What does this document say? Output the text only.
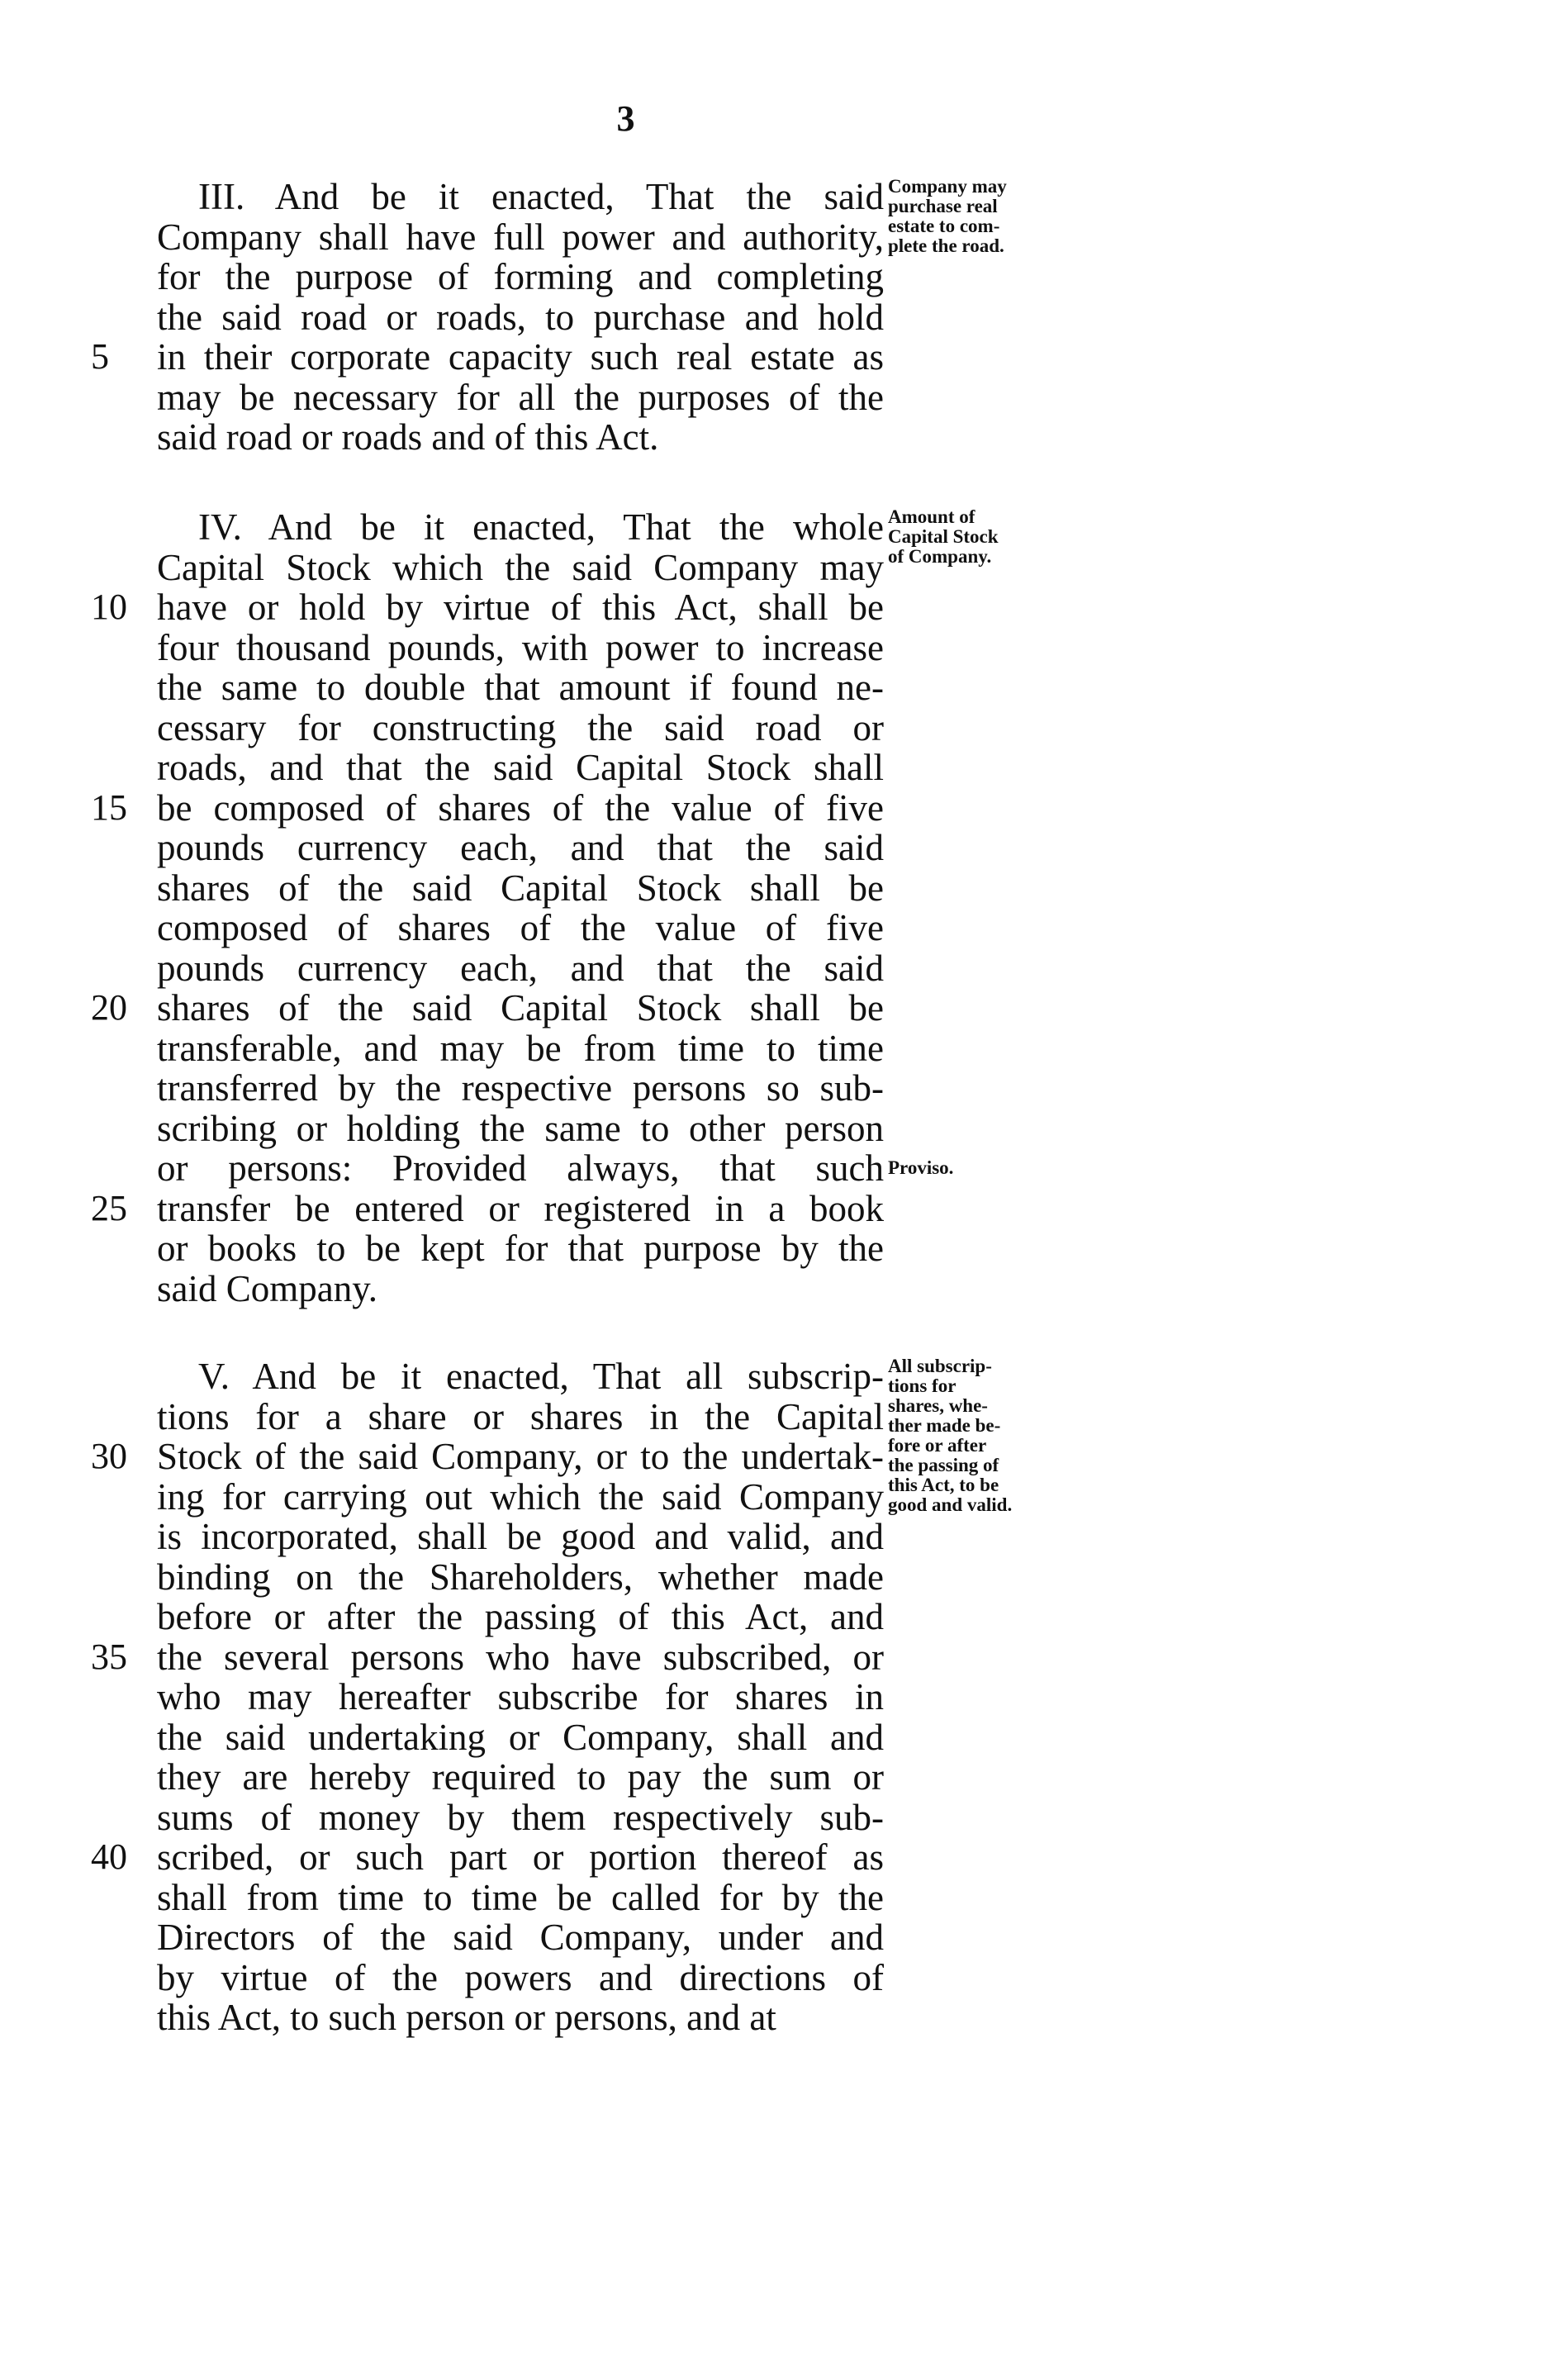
3
Company may
purchase real
estate to com-
plete the road.
III. And be it enacted, That the said
Company shall have full power and authority,
for the purpose of forming and completing
the said road or roads, to purchase and hold
in their corporate capacity such real estate as
5
may be necessary for all the purposes of the
said road or roads and of this Act.
Amount of
Capital Stock
of Company.
Proviso.
IV. And be it enacted, That the whole
Capital Stock which the said Company may
have or hold by virtue of this Act, shall be
10
four thousand pounds, with power to increase
the same to double that amount if found ne-
cessary for constructing the said road or
roads, and that the said Capital Stock shall
be composed of shares of the value of five
15
pounds currency each, and that the said
shares of the said Capital Stock shall be
composed of shares of the value of five
pounds currency each, and that the said
shares of the said Capital Stock shall be
20
transferable, and may be from time to time
transferred by the respective persons so sub-
scribing or holding the same to other person
or persons: Provided always, that such
transfer be entered or registered in a book
25
or books to be kept for that purpose by the
said Company.
All subscrip-
tions for
shares, whe-
ther made be-
fore or after
the passing of
this Act, to be
good and valid.
V. And be it enacted, That all subscrip-
tions for a share or shares in the Capital
Stock of the said Company, or to the undertak-
30
ing for carrying out which the said Company
is incorporated, shall be good and valid, and
binding on the Shareholders, whether made
before or after the passing of this Act, and
the several persons who have subscribed, or
35
who may hereafter subscribe for shares in
the said undertaking or Company, shall and
they are hereby required to pay the sum or
sums of money by them respectively sub-
scribed, or such part or portion thereof as
40
shall from time to time be called for by the
Directors of the said Company, under and
by virtue of the powers and directions of
this Act, to such person or persons, and at
